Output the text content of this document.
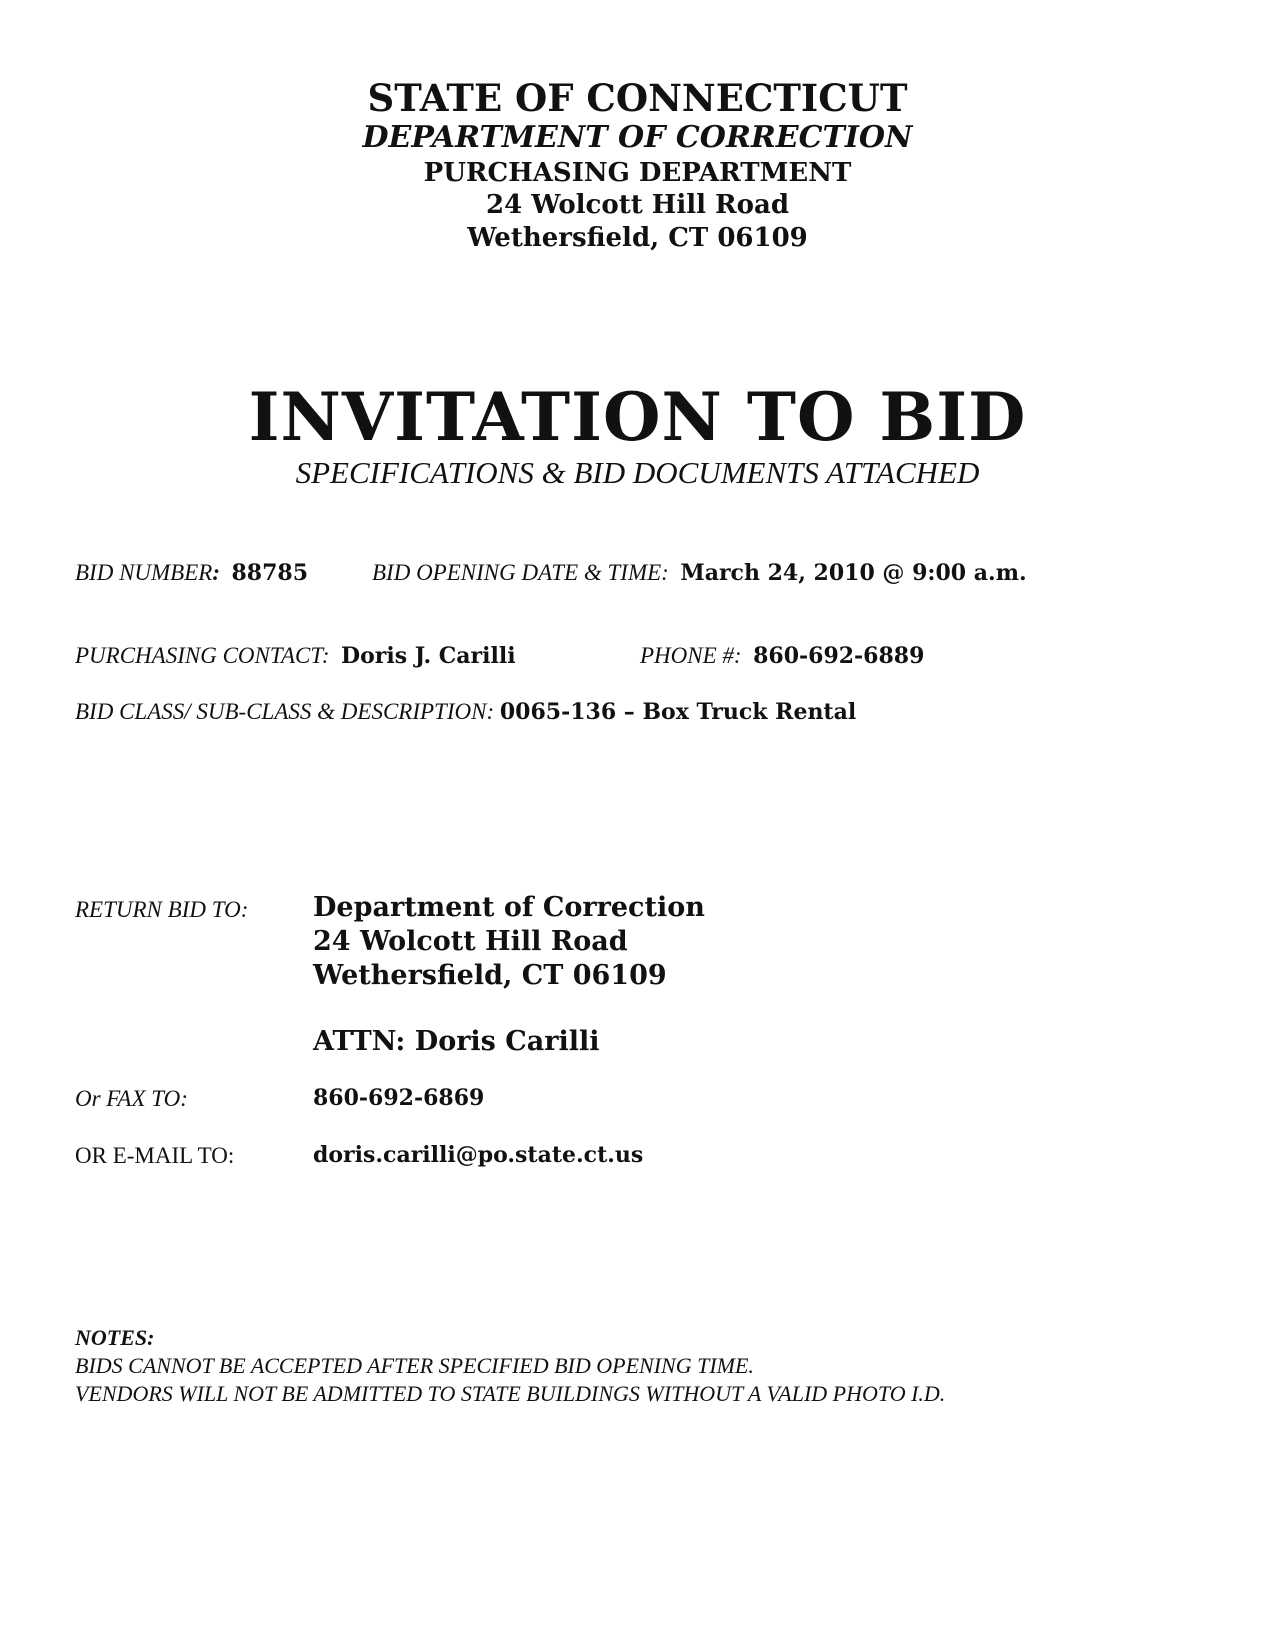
STATE OF CONNECTICUT
DEPARTMENT OF CORRECTION
PURCHASING DEPARTMENT
24 Wolcott Hill Road
Wethersfield, CT 06109
INVITATION TO BID
SPECIFICATIONS & BID DOCUMENTS ATTACHED
BID NUMBER: 88785	BID OPENING DATE & TIME: March 24, 2010 @ 9:00 a.m.
PURCHASING CONTACT: Doris J. Carilli	PHONE #: 860-692-6889
BID CLASS/ SUB-CLASS & DESCRIPTION: 0065-136 – Box Truck Rental
RETURN BID TO: Department of Correction
24 Wolcott Hill Road
Wethersfield, CT 06109
ATTN: Doris Carilli
Or FAX TO:	860-692-6869
OR E-MAIL TO:	doris.carilli@po.state.ct.us
NOTES:
BIDS CANNOT BE ACCEPTED AFTER SPECIFIED BID OPENING TIME.
VENDORS WILL NOT BE ADMITTED TO STATE BUILDINGS WITHOUT A VALID PHOTO I.D.
